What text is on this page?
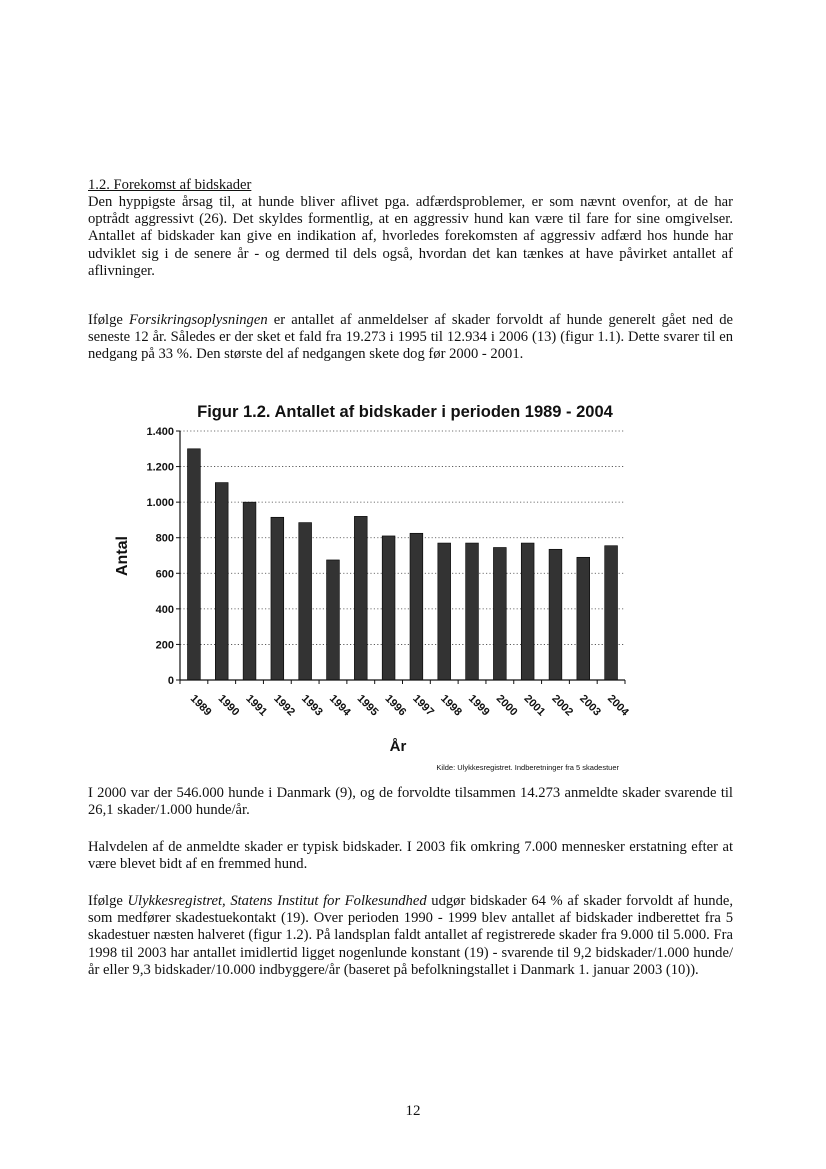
1.2. Forekomst af bidskader

Den hyppigste årsag til, at hunde bliver aflivet pga. adfærdsproblemer, er som nævnt ovenfor, at de har optrådt aggressivt (26). Det skyldes formentlig, at en aggressiv hund kan være til fare for sine omgivelser. Antallet af bidskader kan give en indikation af, hvorledes forekomsten af aggressiv adfærd hos hunde har udviklet sig i de senere år - og dermed til dels også, hvordan det kan tænkes at have påvirket antallet af aflivninger.

Ifølge Forsikringsoplysningen er antallet af anmeldelser af skader forvoldt af hunde generelt gået ned de seneste 12 år. Således er der sket et fald fra 19.273 i 1995 til 12.934 i 2006 (13) (figur 1.1). Dette svarer til en nedgang på 33 %. Den største del af nedgangen skete dog før 2000 - 2001.

Figur 1.2. Antallet af bidskader i perioden 1989 - 2004
0
200
400
600
800
1.000
1.200
1.400
1989 1990 1991 1992 1993 1994 1995 1996 1997 1998 1999 2000 2001 2002 2003 2004
Antal
År
Kilde: Ulykkesregistret. Indberetninger fra 5 skadestuer

I 2000 var der 546.000 hunde i Danmark (9), og de forvoldte tilsammen 14.273 anmeldte skader svarende til 26,1 skader/1.000 hunde/år.

Halvdelen af de anmeldte skader er typisk bidskader. I 2003 fik omkring 7.000 mennesker erstatning efter at være blevet bidt af en fremmed hund.

Ifølge Ulykkesregistret, Statens Institut for Folkesundhed udgør bidskader 64 % af skader forvoldt af hunde, som medfører skadestuekontakt (19). Over perioden 1990 - 1999 blev antallet af bidskader indberettet fra 5 skadestuer næsten halveret (figur 1.2). På landsplan faldt antallet af registrerede skader fra 9.000 til 5.000. Fra 1998 til 2003 har antallet imidlertid ligget nogenlunde konstant (19) - svarende til 9,2 bidskader/1.000 hunde/år eller 9,3 bidskader/10.000 indbyggere/år (baseret på befolkningstallet i Danmark 1. januar 2003 (10)).

12
